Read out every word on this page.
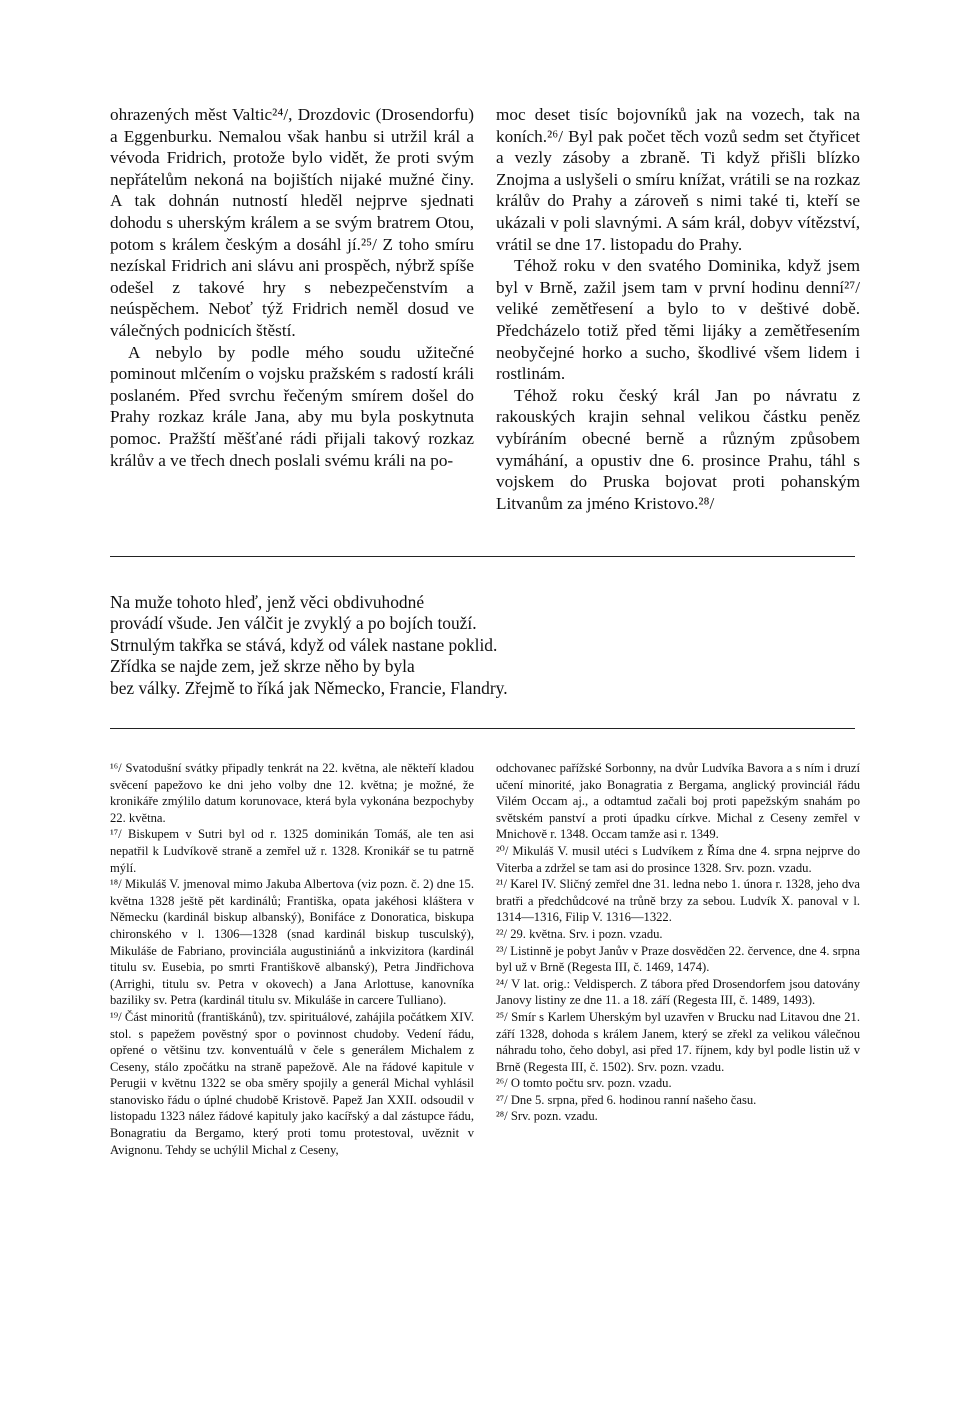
ohrazených měst Valtic²⁴/, Drozdovic (Drosendorfu) a Eggenburku. Nemalou však hanbu si utržil král a vévoda Fridrich, protože bylo vidět, že proti svým nepřátelům nekoná na bojištích nijaké mužné činy. A tak dohnán nutností hleděl nejprve sjednati dohodu s uherským králem a se svým bratrem Otou, potom s králem českým a dosáhl jí.²⁵/ Z toho smíru nezískal Fridrich ani slávu ani prospěch, nýbrž spíše odešel z takové hry s nebezpečenstvím a neúspěchem. Neboť týž Fridrich neměl dosud ve válečných podnicích štěstí.

A nebylo by podle mého soudu užitečné pominout mlčením o vojsku pražském s radostí králi poslaném. Před svrchu řečeným smírem došel do Prahy rozkaz krále Jana, aby mu byla poskytnuta pomoc. Pražští měšťané rádi přijali takový rozkaz králův a ve třech dnech poslali svému králi na po-

moc deset tisíc bojovníků jak na vozech, tak na koních.²⁶/ Byl pak počet těch vozů sedm set čtyřicet a vezly zásoby a zbraně. Ti když přišli blízko Znojma a uslyšeli o smíru knížat, vrátili se na rozkaz králův do Prahy a zároveň s nimi také ti, kteří se ukázali v poli slavnými. A sám král, dobyv vítězství, vrátil se dne 17. listopadu do Prahy.

Téhož roku v den svatého Dominika, když jsem byl v Brně, zažil jsem tam v první hodinu denní²⁷/ veliké zemětřesení a bylo to v deštivé době. Předcházelo totiž před těmi lijáky a zemětřesením neobyčejné horko a sucho, škodlivé všem lidem i rostlinám.

Téhož roku český král Jan po návratu z rakouských krajin sehnal velikou částku peněz vybíráním obecné berně a různým způsobem vymáhání, a opustiv dne 6. prosince Prahu, táhl s vojskem do Pruska bojovat proti pohanským Litvanům za jméno Kristovo.²⁸/

Na muže tohoto hleď, jenž věci obdivuhodné
provádí všude. Jen válčit je zvyklý a po bojích touží.
Strnulým takřka se stává, když od válek nastane poklid.
Zřídka se najde zem, jež skrze něho by byla
bez války. Zřejmě to říká jak Německo, Francie, Flandry.

¹⁶/ Svatodušní svátky připadly tenkrát na 22. května, ale někteří kladou svěcení papežovo ke dni jeho volby dne 12. května; je možné, že kronikáře zmýlilo datum korunovace, která byla vykonána bezpochyby 22. května.

¹⁷/ Biskupem v Sutri byl od r. 1325 dominikán Tomáš, ale ten asi nepatřil k Ludvíkově straně a zemřel už r. 1328. Kronikář se tu patrně mýlí.

¹⁸/ Mikuláš V. jmenoval mimo Jakuba Albertova (viz pozn. č. 2) dne 15. května 1328 ještě pět kardinálů; Františka, opata jakéhosi kláštera v Německu (kardinál biskup albanský), Bonifáce z Donoratica, biskupa chironského v l. 1306—1328 (snad kardinál biskup tusculský), Mikuláše de Fabriano, provinciála augustiniánů a inkvizitora (kardinál titulu sv. Eusebia, po smrti Františkově albanský), Petra Jindřichova (Arrighi, titulu sv. Petra v okovech) a Jana Arlottuse, kanovníka baziliky sv. Petra (kardinál titulu sv. Mikuláše in carcere Tulliano).

¹⁹/ Část minoritů (františkánů), tzv. spirituálové, zahájila počátkem XIV. stol. s papežem povĕstný spor o povinnost chudoby. Vedení řádu, opřené o většinu tzv. konventuálů v čele s generálem Michalem z Ceseny, stálo zpočátku na straně papežově. Ale na řádové kapitule v Perugii v květnu 1322 se oba směry spojily a generál Michal vyhlásil stanovisko řádu o úplné chudobě Kristově. Papež Jan XXII. odsoudil v listopadu 1323 nález řádové kapituly jako kacířský a dal zástupce řádu, Bonagratiu da Bergamo, který proti tomu protestoval, uvěznit v Avignonu. Tehdy se uchýlil Michal z Ceseny,

odchovanec pařížské Sorbonny, na dvůr Ludvíka Bavora a s ním i druzí učení minorité, jako Bonagratia z Bergama, anglický provinciál řádu Vilém Occam aj., a odtamtud začali boj proti papežským snahám po světském panství a proti úpadku církve. Michal z Ceseny zemřel v Mnichově r. 1348. Occam tamže asi r. 1349.

²⁰/ Mikuláš V. musil utéci s Ludvíkem z Říma dne 4. srpna nejprve do Viterba a zdržel se tam asi do prosince 1328. Srv. pozn. vzadu.

²¹/ Karel IV. Sličný zemřel dne 31. ledna nebo 1. února r. 1328, jeho dva bratři a předchůdcové na trůně brzy za sebou. Ludvík X. panoval v l. 1314—1316, Filip V. 1316—1322.

²²/ 29. května. Srv. i pozn. vzadu.

²³/ Listinně je pobyt Janův v Praze dosvědčen 22. července, dne 4. srpna byl už v Brně (Regesta III, č. 1469, 1474).

²⁴/ V lat. orig.: Veldisperch. Z tábora před Drosendorfem jsou datovány Janovy listiny ze dne 11. a 18. září (Regesta III, č. 1489, 1493).

²⁵/ Smír s Karlem Uherským byl uzavřen v Brucku nad Litavou dne 21. září 1328, dohoda s králem Janem, který se zřekl za velikou válečnou náhradu toho, čeho dobyl, asi před 17. říjnem, kdy byl podle listin už v Brně (Regesta III, č. 1502). Srv. pozn. vzadu.

²⁶/ O tomto počtu srv. pozn. vzadu.

²⁷/ Dne 5. srpna, před 6. hodinou ranní našeho času.

²⁸/ Srv. pozn. vzadu.
